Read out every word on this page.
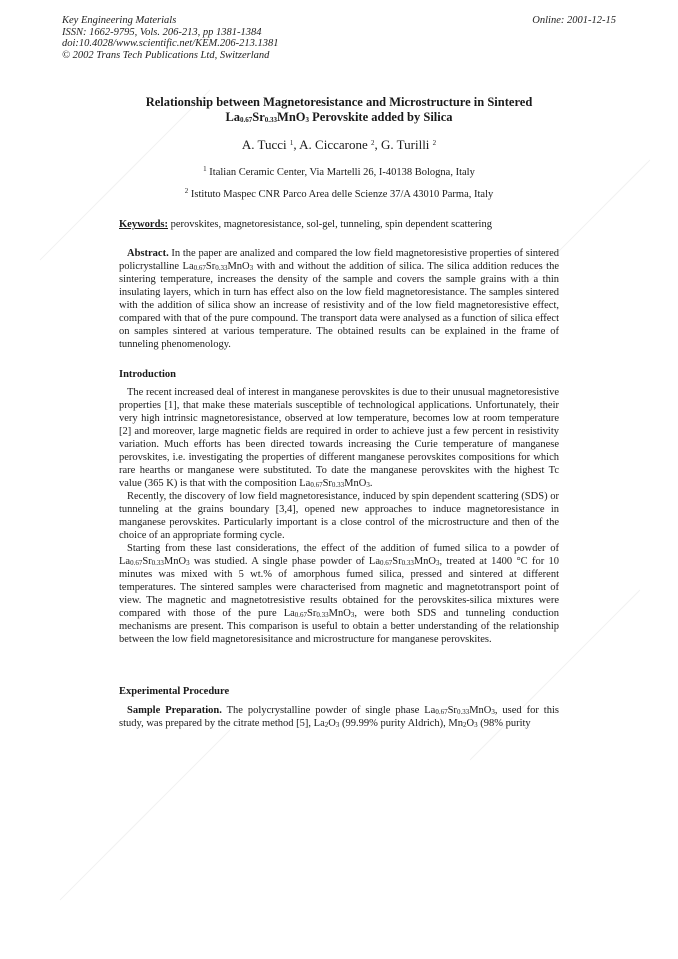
Key Engineering Materials
ISSN: 1662-9795, Vols. 206-213, pp 1381-1384
doi:10.4028/www.scientific.net/KEM.206-213.1381
© 2002 Trans Tech Publications Ltd, Switzerland
Online: 2001-12-15
Relationship between Magnetoresistance and Microstructure in Sintered
$La_{0.67}Sr_{0.33}MnO_3$ Perovskite added by Silica
A. Tucci $^1$, A. Ciccarone $^2$, G. Turilli $^2$
$^1$ Italian Ceramic Center, Via Martelli 26, I-40138 Bologna, Italy
$^2$ Istituto Maspec CNR Parco Area delle Scienze 37/A 43010 Parma, Italy
Keywords: perovskites, magnetoresistance, sol-gel, tunneling, spin dependent scattering

Abstract. In the paper are analized and compared the low field magnetoresistive properties of sintered policrystalline $La_{0.67}Sr_{0.33}MnO_3$ with and without the addition of silica. The silica addition reduces the sintering temperature, increases the density of the sample and covers the sample grains with a thin insulating layers, which in turn has effect also on the low field magnetoresistance. The samples sintered with the addition of silica show an increase of resistivity and of the low field magnetoresistive effect, compared with that of the pure compound. The transport data were analysed as a function of silica effect on samples sintered at various temperature. The obtained results can be explained in the frame of tunneling phenomenology.

Introduction

The recent increased deal of interest in manganese perovskites is due to their unusual magnetoresistive properties [1], that make these materials susceptible of technological applications. Unfortunately, their very high intrinsic magnetoresistance, observed at low temperature, becomes low at room temperature [2] and moreover, large magnetic fields are required in order to achieve just a few percent in resistivity variation. Much efforts has been directed towards increasing the Curie temperature of manganese perovskites, i.e. investigating the properties of different manganese perovskites compositions for which rare hearths or manganese were substituted. To date the manganese perovskites with the highest Tc value (365 K) is that with the composition $La_{0.67}Sr_{0.33}MnO_3$.

Recently, the discovery of low field magnetoresistance, induced by spin dependent scattering (SDS) or tunneling at the grains boundary [3,4], opened new approaches to induce magnetoresistance in manganese perovskites. Particularly important is a close control of the microstructure and then of the choice of an appropriate forming cycle.

Starting from these last considerations, the effect of the addition of fumed silica to a powder of $La_{0.67}Sr_{0.33}MnO_3$ was studied. A single phase powder of $La_{0.67}Sr_{0.33}MnO_3$, treated at 1400 °C for 10 minutes was mixed with 5 wt.% of amorphous fumed silica, pressed and sintered at different temperatures. The sintered samples were characterised from magnetic and magnetotransport point of view. The magnetic and magnetotresistive results obtained for the perovskites-silica mixtures were compared with those of the pure $La_{0.67}Sr_{0.33}MnO_3$, were both SDS and tunneling conduction mechanisms are present. This comparison is useful to obtain a better understanding of the relationship between the low field magnetoresisitance and microstructure for manganese perovskites.

Experimental Procedure

Sample Preparation. The polycrystalline powder of single phase $La_{0.67}Sr_{0.33}MnO_3$, used for this study, was prepared by the citrate method [5], $La_2O_3$ (99.99% purity Aldrich), $Mn_2O_3$ (98% purity
